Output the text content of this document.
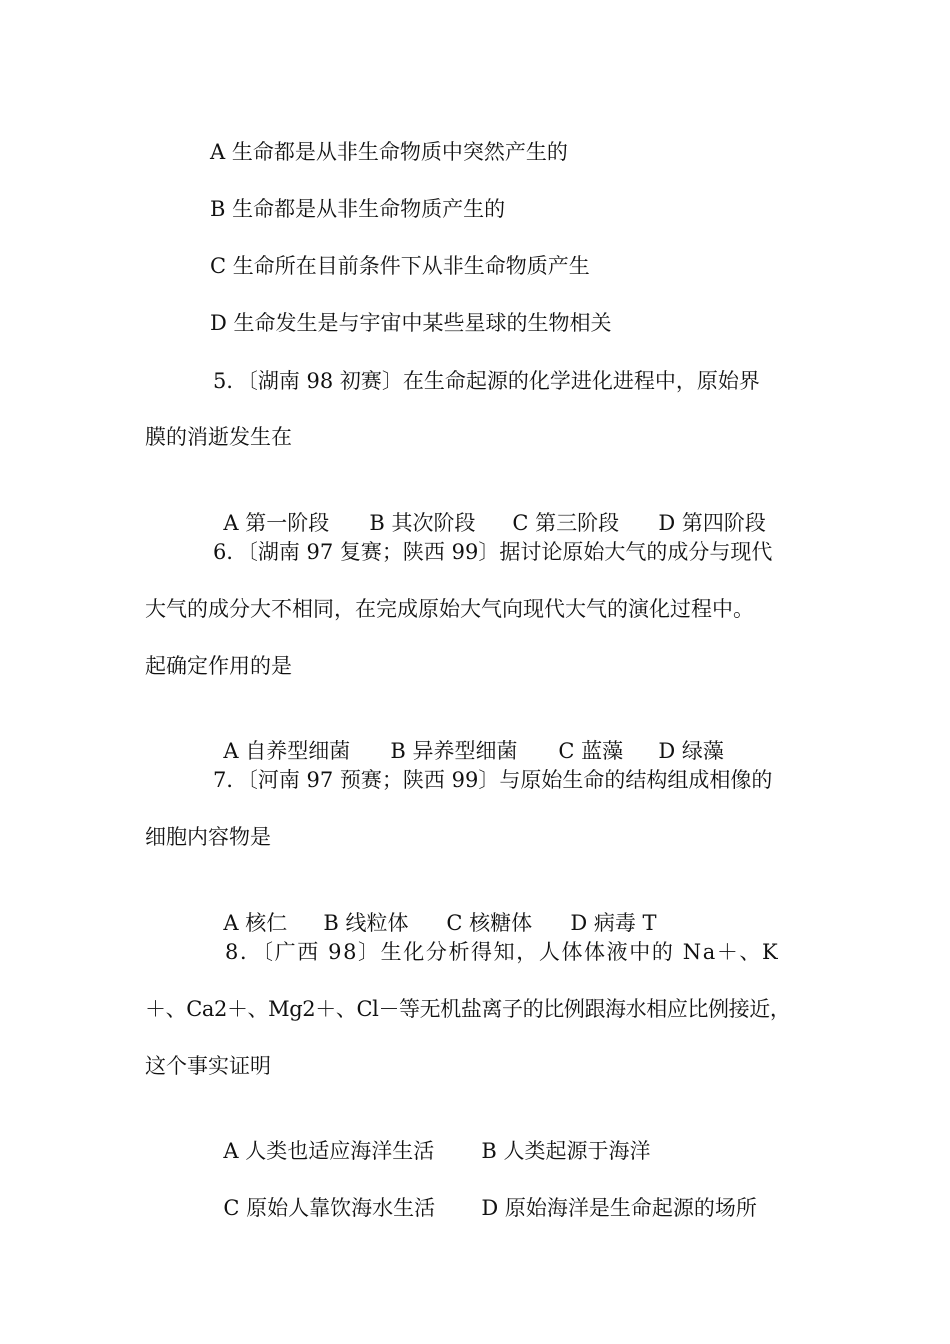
A 生命都是从非生命物质中突然产生的
B 生命都是从非生命物质产生的
C 生命所在目前条件下从非生命物质产生
D 生命发生是与宇宙中某些星球的生物相关
5．〔湖南 98 初赛〕在生命起源的化学进化进程中，原始界
膜的消逝发生在

A 第一阶段 B 其次阶段 C 第三阶段 D 第四阶段

6．〔湖南 97 复赛；陕西 99〕据讨论原始大气的成分与现代
大气的成分大不相同，在完成原始大气向现代大气的演化过程中。
起确定作用的是

A 自养型细菌 B 异养型细菌 C 蓝藻 D 绿藻

7．〔河南 97 预赛；陕西 99〕与原始生命的结构组成相像的
细胞内容物是

A 核仁 B 线粒体 C 核糖体 D 病毒 T

8．〔广西 98〕生化分析得知，人体体液中的 Na＋、K
＋、Ca2＋、Mg2＋、Cl－等无机盐离子的比例跟海水相应比例接近，
这个事实证明

A 人类也适应海洋生活 B 人类起源于海洋

C 原始人靠饮海水生活 D 原始海洋是生命起源的场所
